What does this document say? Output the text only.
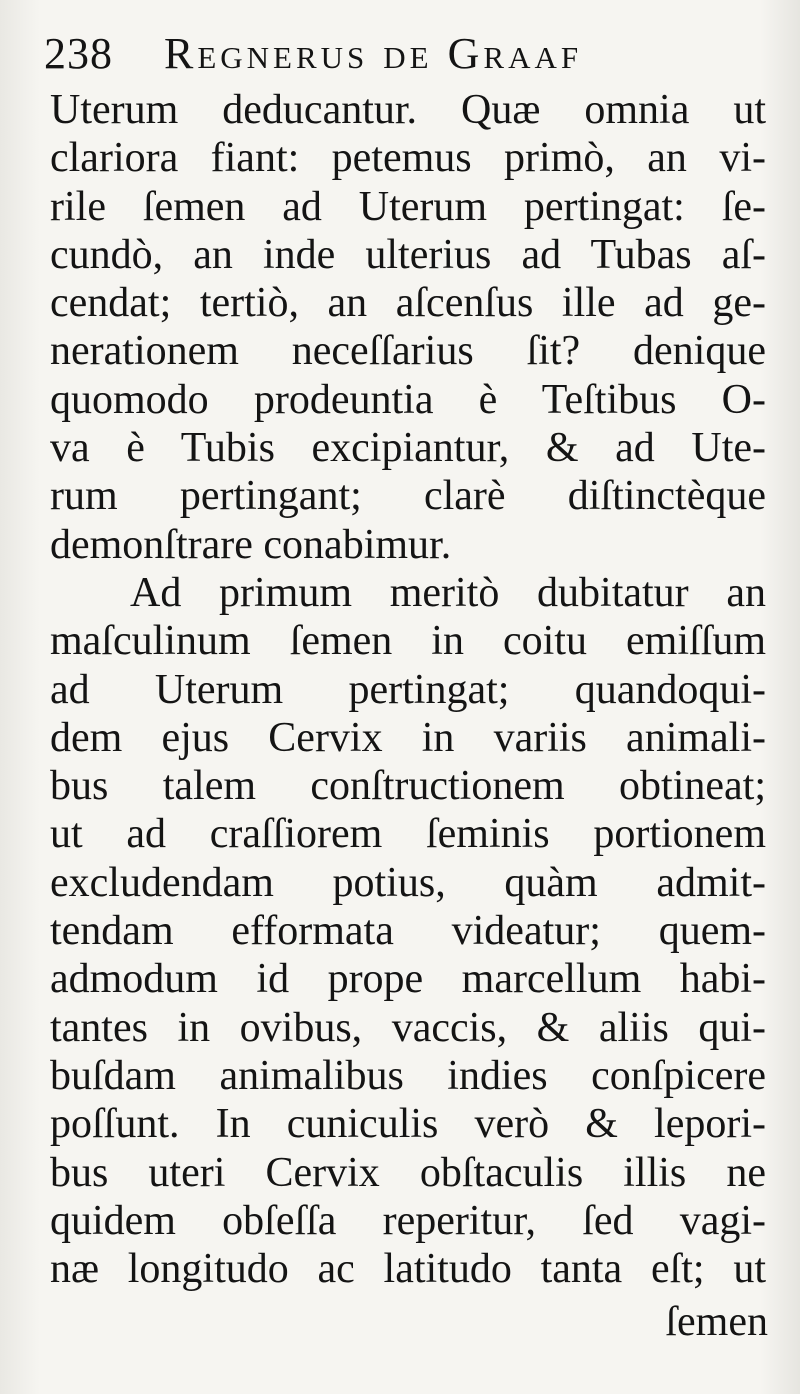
238	Regnerus de Graaf
Uterum deducantur. Quæ omnia ut
clariora fiant: petemus primò, an vi-
rile ſemen ad Uterum pertingat: ſe-
cundò, an inde ulterius ad Tubas aſ-
cendat; tertiò, an aſcenſus ille ad ge-
nerationem neceſſarius ſit? denique
quomodo prodeuntia è Teſtibus O-
va è Tubis excipiantur, & ad Ute-
rum pertingant; clarè diſtinctèque
demonſtrare conabimur.
Ad primum meritò dubitatur an
maſculinum ſemen in coitu emiſſum
ad Uterum pertingat; quandoqui-
dem ejus Cervix in variis animali-
bus talem conſtructionem obtineat;
ut ad craſſiorem ſeminis portionem
excludendam potius, quàm admit-
tendam efformata videatur; quem-
admodum id prope marcellum habi-
tantes in ovibus, vaccis, & aliis qui-
buſdam animalibus indies conſpicere
poſſunt. In cuniculis verò & lepori-
bus uteri Cervix obſtaculis illis ne
quidem obſeſſa reperitur, ſed vagi-
næ longitudo ac latitudo tanta eſt; ut
ſemen
